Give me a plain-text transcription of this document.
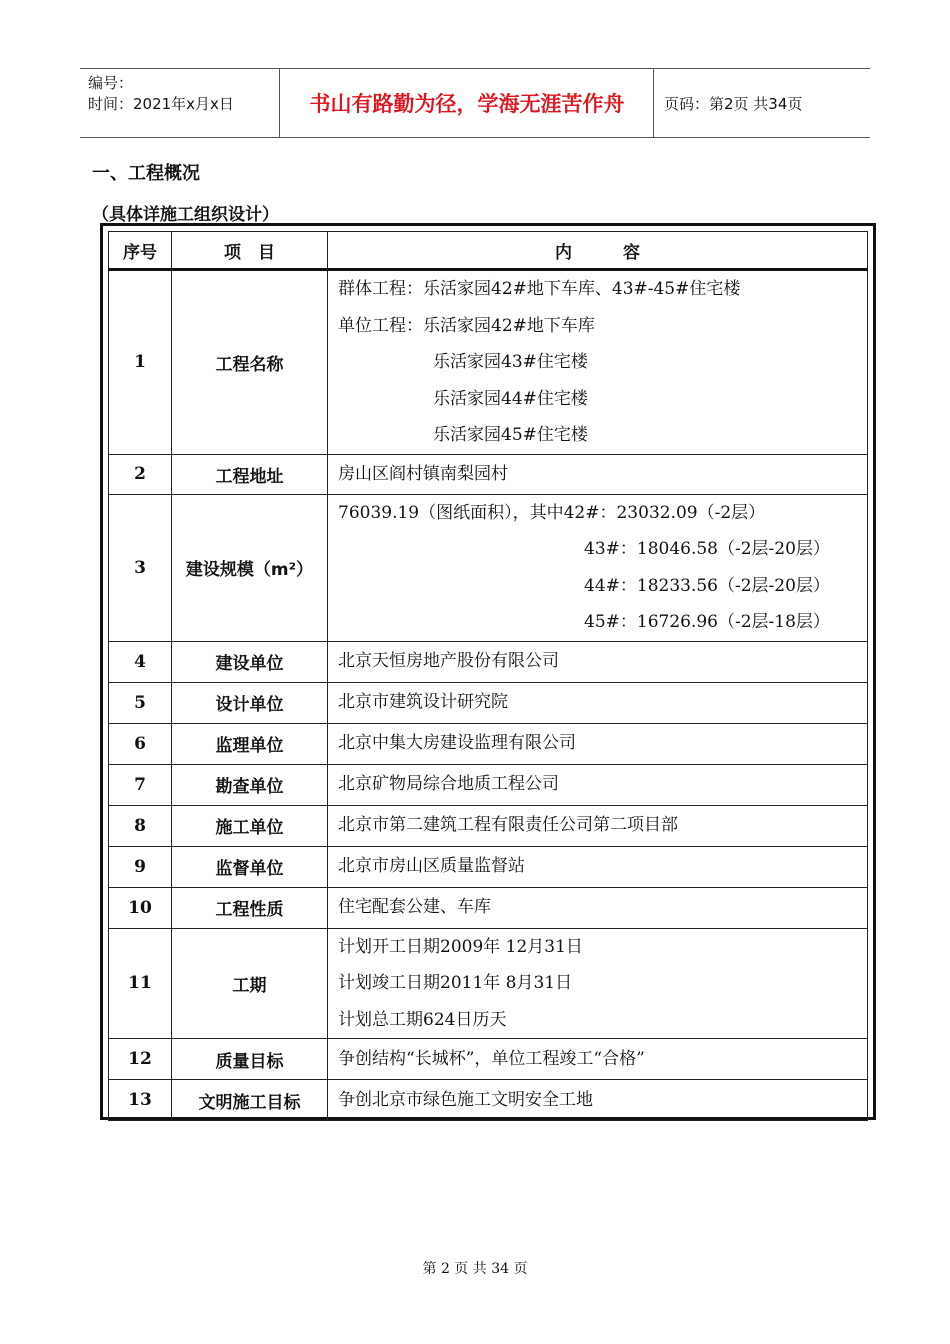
编号：
时间：2021年x月x日	书山有路勤为径，学海无涯苦作舟	页码：第2页 共34页
一、工程概况
（具体详施工组织设计）
序号	项　目	内　　　容
1	工程名称	群体工程：乐活家园42#地下车库、43#-45#住宅楼
单位工程：乐活家园42#地下车库
乐活家园43#住宅楼
乐活家园44#住宅楼
乐活家园45#住宅楼

2	工程地址	房山区阎村镇南梨园村

3	建设规模（m²）	76039.19（图纸面积），其中42#：23032.09（-2层）
43#：18046.58（-2层-20层）
44#：18233.56（-2层-20层）
45#：16726.96（-2层-18层）

4	建设单位	北京天恒房地产股份有限公司

5	设计单位	北京市建筑设计研究院

6	监理单位	北京中集大房建设监理有限公司

7	勘查单位	北京矿物局综合地质工程公司

8	施工单位	北京市第二建筑工程有限责任公司第二项目部

9	监督单位	北京市房山区质量监督站

10	工程性质	住宅配套公建、车库

11	工期	计划开工日期2009年 12月31日
计划竣工日期2011年 8月31日
计划总工期624日历天

12	质量目标	争创结构“长城杯”，单位工程竣工“合格”

13	文明施工目标	争创北京市绿色施工文明安全工地
第 2 页 共 34 页
